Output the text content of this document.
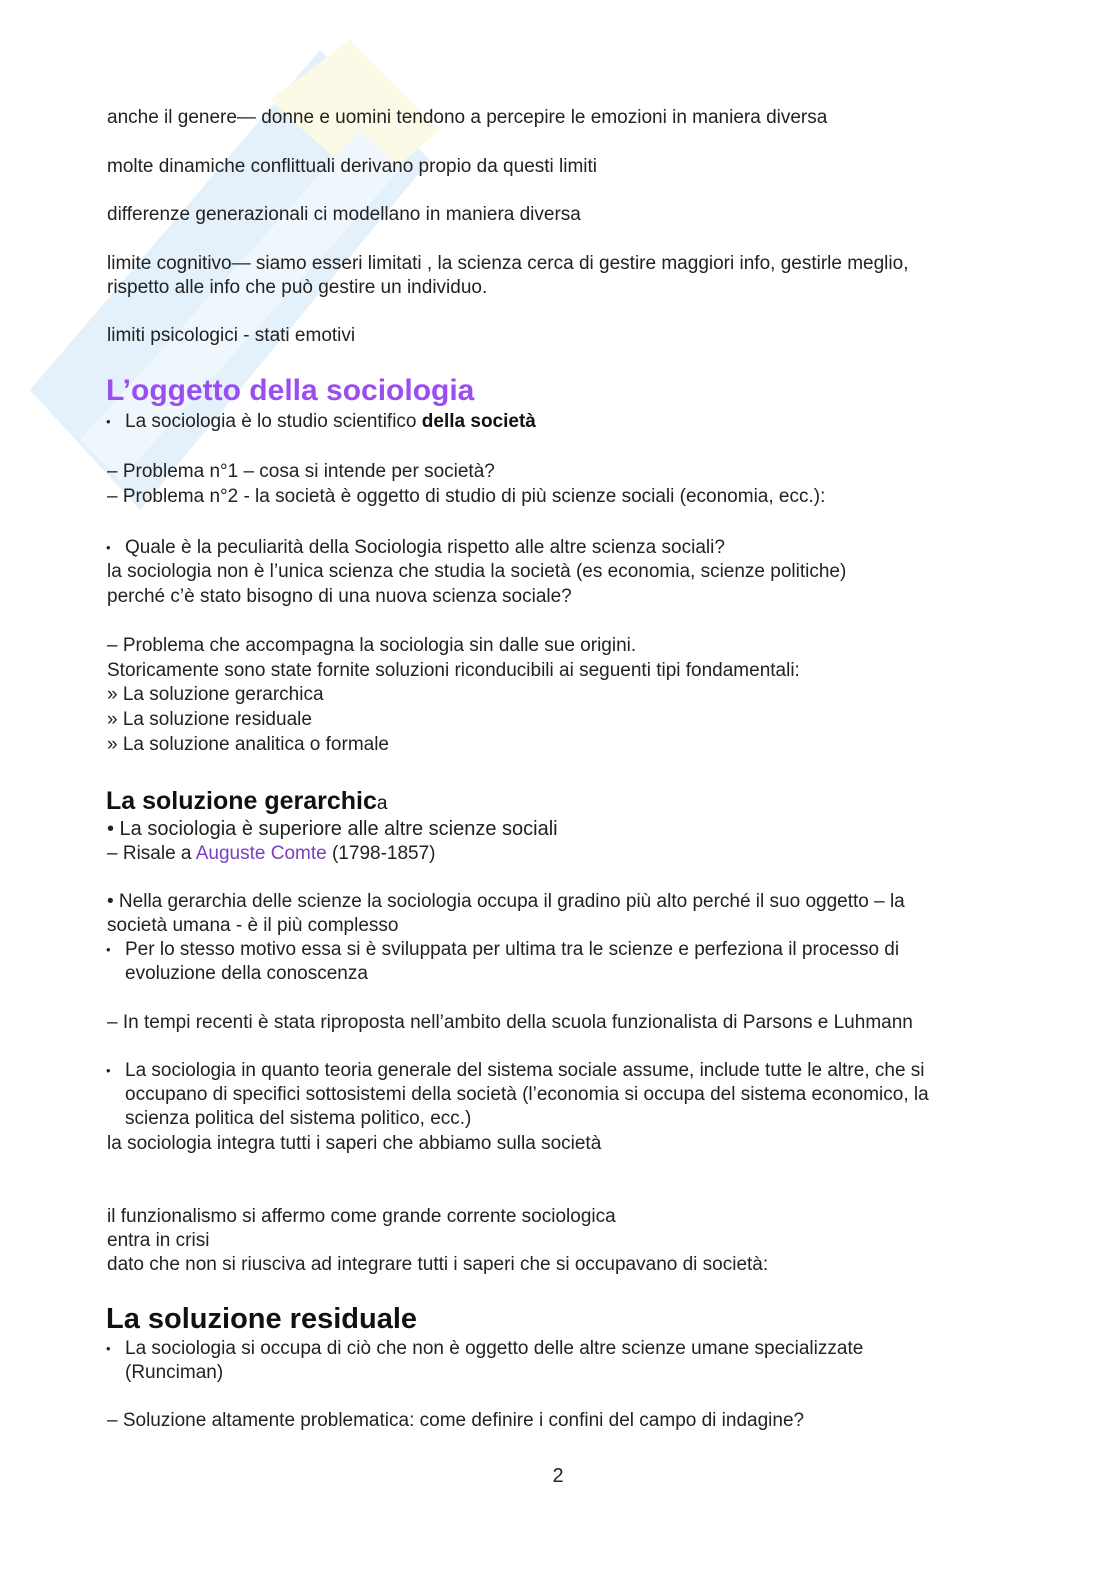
anche il genere— donne e uomini tendono a percepire le emozioni in maniera diversa
molte dinamiche conflittuali derivano propio da questi limiti
differenze generazionali ci modellano in maniera diversa
limite cognitivo— siamo esseri limitati , la scienza cerca di gestire maggiori info, gestirle meglio,
rispetto alle info che può gestire un individuo.
limiti psicologici - stati emotivi
L’oggetto della sociologia
• La sociologia è lo studio scientifico della società
– Problema n°1 – cosa si intende per società?
– Problema n°2 - la società è oggetto di studio di più scienze sociali (economia, ecc.):
• Quale è la peculiarità della Sociologia rispetto alle altre scienza sociali?
la sociologia non è l’unica scienza che studia la società (es economia, scienze politiche)
perché c’è stato bisogno di una nuova scienza sociale?
– Problema che accompagna la sociologia sin dalle sue origini.
Storicamente sono state fornite soluzioni riconducibili ai seguenti tipi fondamentali:
» La soluzione gerarchica
» La soluzione residuale
» La soluzione analitica o formale
La soluzione gerarchica
• La sociologia è superiore alle altre scienze sociali
– Risale a Auguste Comte (1798-1857)
• Nella gerarchia delle scienze la sociologia occupa il gradino più alto perché il suo oggetto – la
società umana - è il più complesso
• Per lo stesso motivo essa si è sviluppata per ultima tra le scienze e perfeziona il processo di
evoluzione della conoscenza
– In tempi recenti è stata riproposta nell’ambito della scuola funzionalista di Parsons e Luhmann
• La sociologia in quanto teoria generale del sistema sociale assume, include tutte le altre, che si
occupano di specifici sottosistemi della società (l’economia si occupa del sistema economico, la
scienza politica del sistema politico, ecc.)
la sociologia integra tutti i saperi che abbiamo sulla società
il funzionalismo si affermo come grande corrente sociologica
entra in crisi
dato che non si riusciva ad integrare tutti i saperi che si occupavano di società:
La soluzione residuale
• La sociologia si occupa di ciò che non è oggetto delle altre scienze umane specializzate
(Runciman)
– Soluzione altamente problematica: come definire i confini del campo di indagine?
2
